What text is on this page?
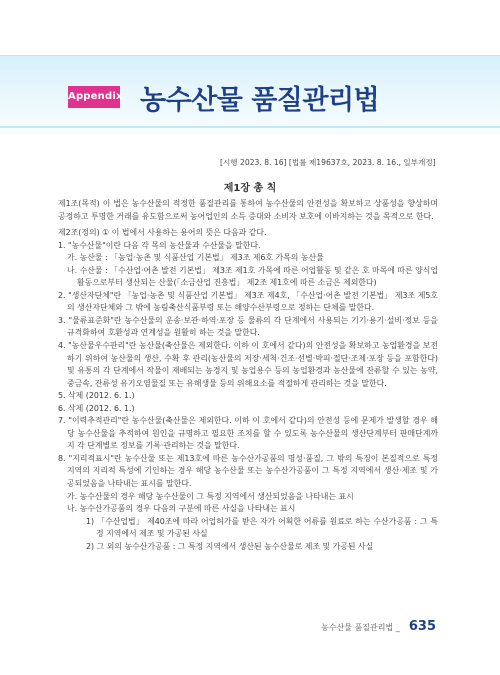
Appendix 농수산물 품질관리법
[시행 2023. 8. 16] [법률 제19637호, 2023. 8. 16., 일부개정]
제1장 총 칙

제1조(목적) 이 법은 농수산물의 적정한 품질관리를 통하여 농수산물의 안전성을 확보하고 상품성을 향상하며 공정하고 투명한 거래를 유도함으로써 농어업인의 소득 증대와 소비자 보호에 이바지하는 것을 목적으로 한다.

제2조(정의) ① 이 법에서 사용하는 용어의 뜻은 다음과 같다.

1. "농수산물"이란 다음 각 목의 농산물과 수산물을 말한다.

가. 농산물 : 「농업·농촌 및 식품산업 기본법」 제3조 제6호 가목의 농산물

나. 수산물 : 「수산업·어촌 발전 기본법」 제3조 제1호 가목에 따른 어업활동 및 같은 호 마목에 따른 양식업활동으로부터 생산되는 산물(「소금산업 진흥법」 제2조 제1호에 따른 소금은 제외한다)

2. "생산자단체"란 「농업·농촌 및 식품산업 기본법」 제3조 제4호, 「수산업·어촌 발전 기본법」 제3조 제5호의 생산자단체와 그 밖에 농림축산식품부령 또는 해양수산부령으로 정하는 단체를 말한다.

3. "물류표준화"란 농수산물의 운송·보관·하역·포장 등 물류의 각 단계에서 사용되는 기기·용기·설비·정보 등을 규격화하여 호환성과 연계성을 원활히 하는 것을 말한다.

4. "농산물우수관리"란 농산물(축산물은 제외한다. 이하 이 호에서 같다)의 안전성을 확보하고 농업환경을 보전하기 위하여 농산물의 생산, 수확 후 관리(농산물의 저장·세척·건조·선별·박피·절단·조제·포장 등을 포함한다) 및 유통의 각 단계에서 작물이 재배되는 농경지 및 농업용수 등의 농업환경과 농산물에 잔류할 수 있는 농약, 중금속, 잔류성 유기오염물질 또는 유해생물 등의 위해요소를 적절하게 관리하는 것을 말한다.

5. 삭제 (2012. 6. 1.)

6. 삭제 (2012. 6. 1.)

7. "이력추적관리"란 농수산물(축산물은 제외한다. 이하 이 호에서 같다)의 안전성 등에 문제가 발생할 경우 해당 농수산물을 추적하여 원인을 규명하고 필요한 조치를 할 수 있도록 농수산물의 생산단계부터 판매단계까지 각 단계별로 정보를 기록·관리하는 것을 말한다.

8. "지리적표시"란 농수산물 또는 제13호에 따른 농수산가공품의 명성·품질, 그 밖의 특징이 본질적으로 특정 지역의 지리적 특성에 기인하는 경우 해당 농수산물 또는 농수산가공품이 그 특정 지역에서 생산·제조 및 가공되었음을 나타내는 표시를 말한다.

가. 농수산물의 경우 해당 농수산물이 그 특정 지역에서 생산되었음을 나타내는 표시

나. 농수산가공품의 경우 다음의 구분에 따른 사실을 나타내는 표시

1) 「수산업법」 제40조에 따라 어업허가를 받은 자가 어획한 어류를 원료로 하는 수산가공품 : 그 특정 지역에서 제조 및 가공된 사실

2) 그 외의 농수산가공품 : 그 특정 지역에서 생산된 농수산물로 제조 및 가공된 사실

농수산물 품질관리법 _ 635
